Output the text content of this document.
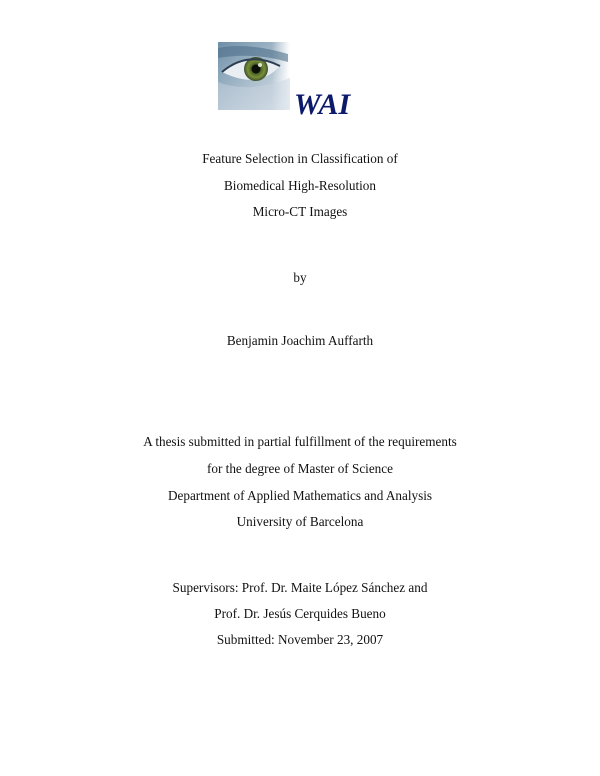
WAI
Feature Selection in Classification of
Biomedical High-Resolution
Micro-CT Images
by
Benjamin Joachim Auffarth
A thesis submitted in partial fulfillment of the requirements
for the degree of Master of Science
Department of Applied Mathematics and Analysis
University of Barcelona
Supervisors: Prof. Dr. Maite López Sánchez and
Prof. Dr. Jesús Cerquides Bueno
Submitted: November 23, 2007
